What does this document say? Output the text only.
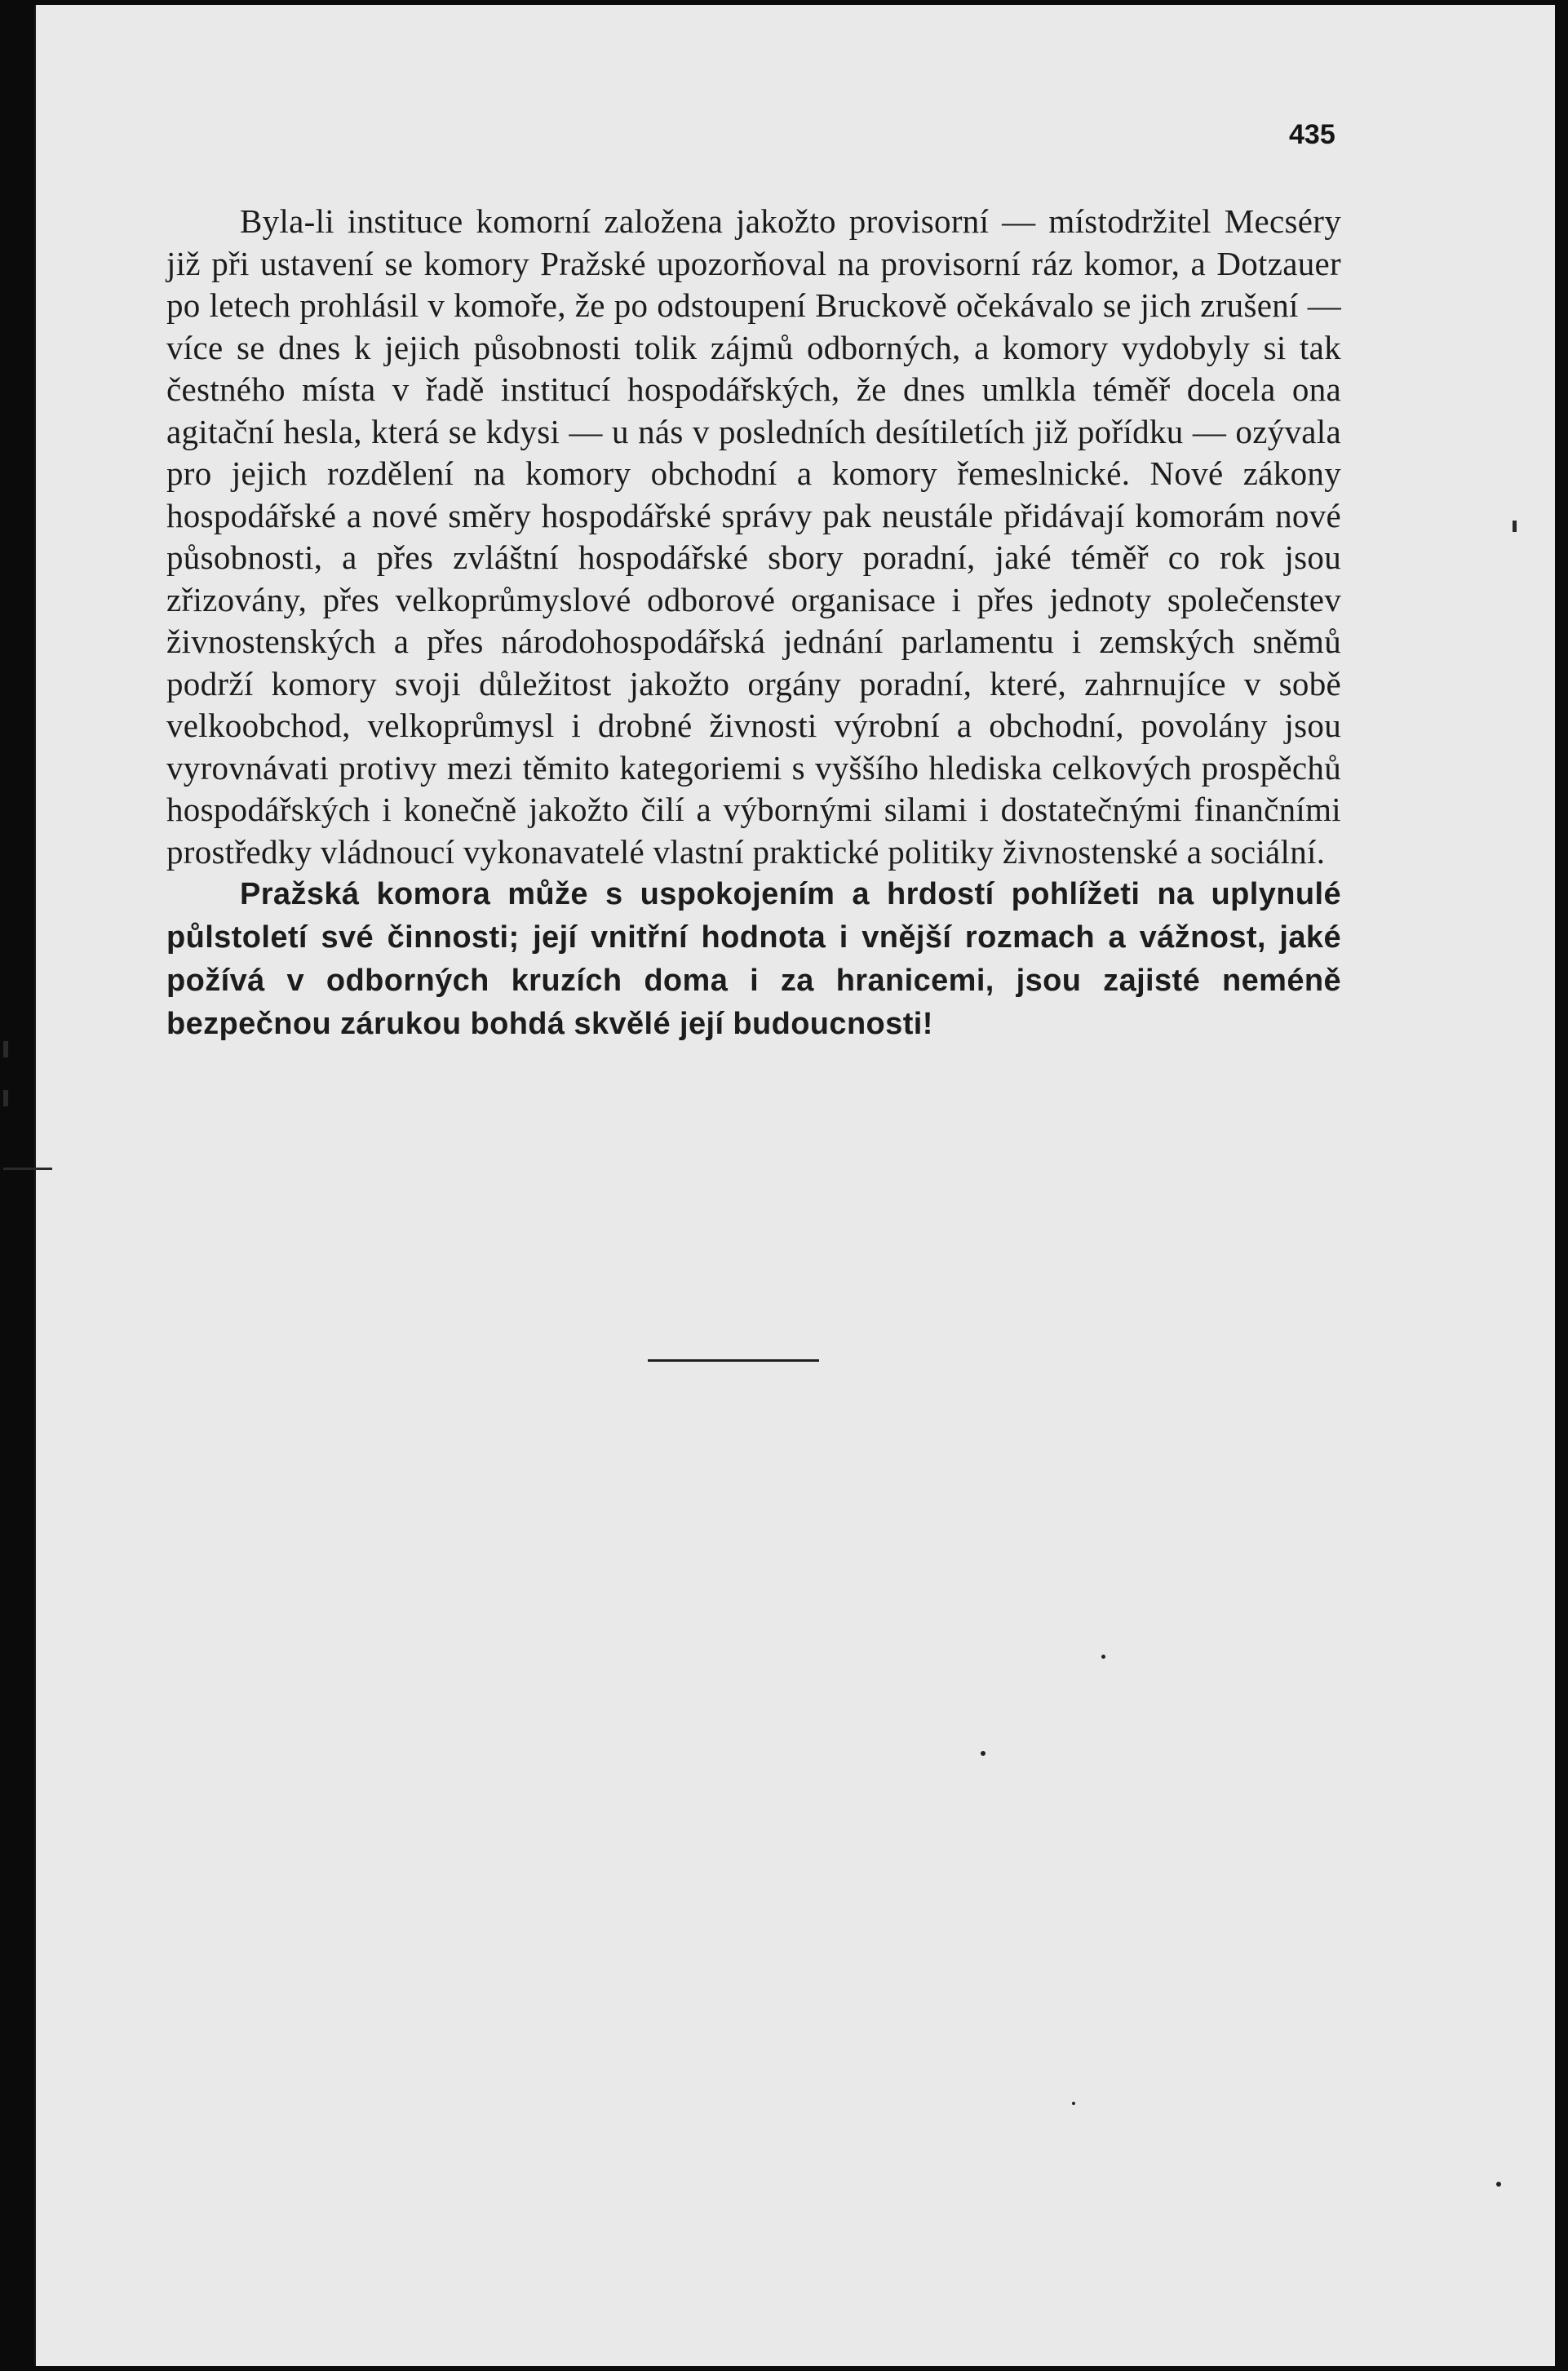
435

Byla-li instituce komorní založena jakožto provisorní — místodržitel Mecséry již při ustavení se komory Pražské upozorňoval na provisorní ráz komor, a Dotzauer po letech prohlásil v komoře, že po odstoupení Bruckově očekávalo se jich zrušení — více se dnes k jejich působnosti tolik zájmů odborných, a komory vydobyly si tak čestného místa v řadě institucí hospodářských, že dnes umlkla téměř docela ona agitační hesla, která se kdysi — u nás v posledních desítiletích již pořídku — ozývala pro jejich rozdělení na komory obchodní a komory řemeslnické. Nové zákony hospodářské a nové směry hospodářské správy pak neustále přidávají komorám nové působnosti, a přes zvláštní hospodářské sbory poradní, jaké téměř co rok jsou zřizovány, přes velkoprůmyslové odborové organisace i přes jednoty společenstev živnostenských a přes národohospodářská jednání parlamentu i zemských sněmů podrží komory svoji důležitost jakožto orgány poradní, které, zahrnujíce v sobě velkoobchod, velkoprůmysl i drobné živnosti výrobní a obchodní, povolány jsou vyrovnávati protivy mezi těmito kategoriemi s vyššího hlediska celkových prospěchů hospodářských i konečně jakožto čilí a výbornými silami i dostatečnými finančními prostředky vládnoucí vykonavatelé vlastní praktické politiky živnostenské a sociální.

Pražská komora může s uspokojením a hrdostí pohlížeti na uplynulé půlstoletí své činnosti; její vnitřní hodnota i vnější rozmach a vážnost, jaké požívá v odborných kruzích doma i za hranicemi, jsou zajisté neméně bezpečnou zárukou bohdá skvělé její budoucnosti!
